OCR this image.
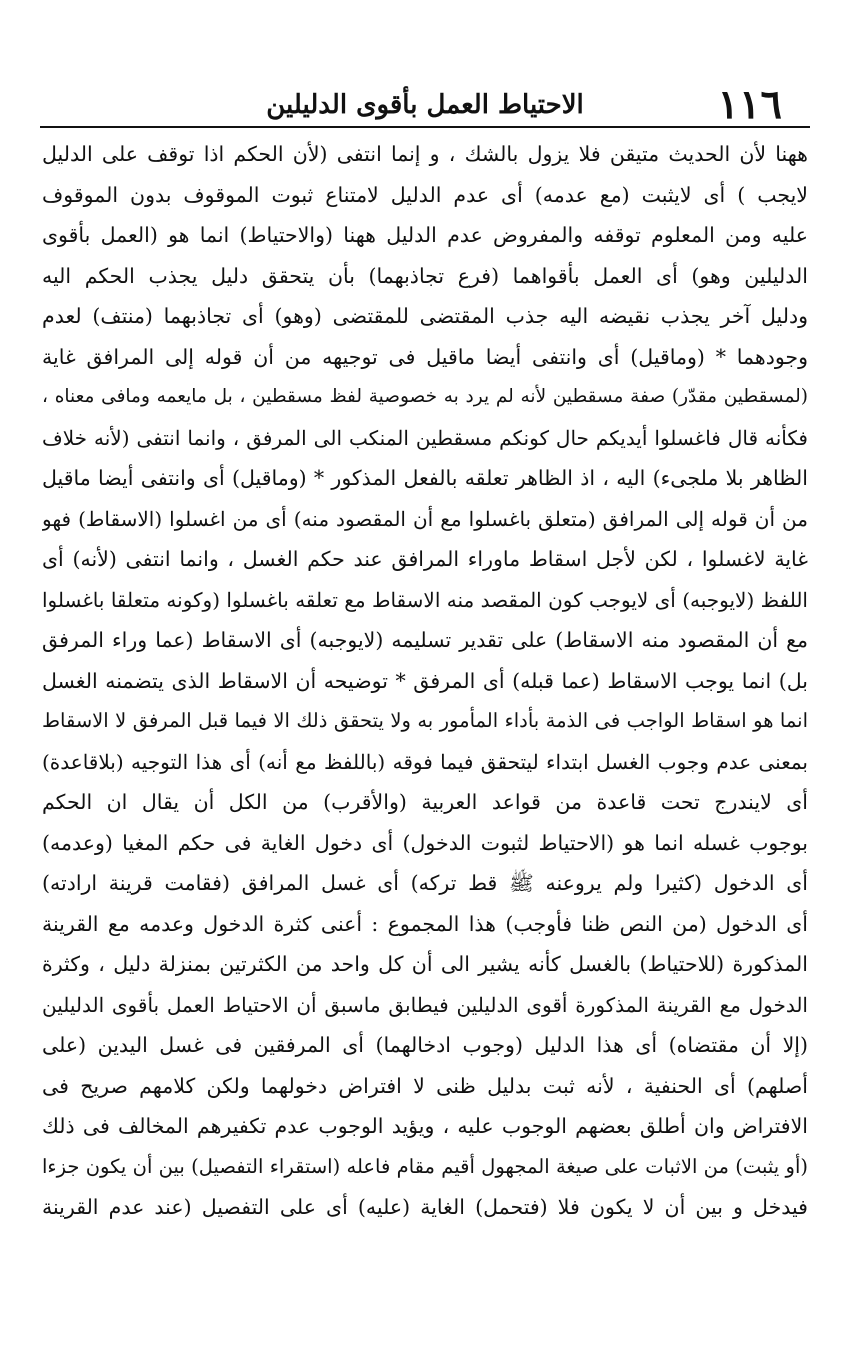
١١٦
الاحتياط العمل بأقوى الدليلين
ههنا لأن الحديث متيقن فلا يزول بالشك ، و إنما انتفى (لأن الحكم اذا توقف على الدليل
لايجب ) أى لايثبت (مع عدمه) أى عدم الدليل لامتناع ثبوت الموقوف بدون الموقوف
عليه ومن المعلوم توقفه والمفروض عدم الدليل ههنا (والاحتياط) انما هو (العمل بأقوى
الدليلين وهو) أى العمل بأقواهما (فرع تجاذبهما) بأن يتحقق دليل يجذب الحكم اليه
ودليل آخر يجذب نقيضه اليه جذب المقتضى للمقتضى (وهو) أى تجاذبهما (منتف) لعدم
وجودهما * (وماقيل) أى وانتفى أيضا ماقيل فى توجيهه من أن قوله إلى المرافق غاية
(لمسقطين مقدّر) صفة مسقطين لأنه لم يرد به خصوصية لفظ مسقطين ، بل مايعمه ومافى معناه ،
فكأنه قال فاغسلوا أيديكم حال كونكم مسقطين المنكب الى المرفق ، وانما انتفى (لأنه خلاف
الظاهر بلا ملجىء) اليه ، اذ الظاهر تعلقه بالفعل المذكور * (وماقيل) أى وانتفى أيضا ماقيل
من أن قوله إلى المرافق (متعلق باغسلوا مع أن المقصود منه) أى من اغسلوا (الاسقاط) فهو
غاية لاغسلوا ، لكن لأجل اسقاط ماوراء المرافق عند حكم الغسل ، وانما انتفى (لأنه) أى
اللفظ (لايوجبه) أى لايوجب كون المقصد منه الاسقاط مع تعلقه باغسلوا (وكونه متعلقا باغسلوا
مع أن المقصود منه الاسقاط) على تقدير تسليمه (لايوجبه) أى الاسقاط (عما وراء المرفق
بل) انما يوجب الاسقاط (عما قبله) أى المرفق * توضيحه أن الاسقاط الذى يتضمنه الغسل
انما هو اسقاط الواجب فى الذمة بأداء المأمور به ولا يتحقق ذلك الا فيما قبل المرفق لا الاسقاط
بمعنى عدم وجوب الغسل ابتداء ليتحقق فيما فوقه (باللفظ مع أنه) أى هذا التوجيه (بلاقاعدة)
أى لايندرج تحت قاعدة من قواعد العربية (والأقرب) من الكل أن يقال ان الحكم
بوجوب غسله انما هو (الاحتياط لثبوت الدخول) أى دخول الغاية فى حكم المغيا (وعدمه)
أى الدخول (كثيرا ولم يروعنه ﷺ قط تركه) أى غسل المرافق (فقامت قرينة ارادته)
أى الدخول (من النص ظنا فأوجب) هذا المجموع : أعنى كثرة الدخول وعدمه مع القرينة
المذكورة (للاحتياط) بالغسل كأنه يشير الى أن كل واحد من الكثرتين بمنزلة دليل ، وكثرة
الدخول مع القرينة المذكورة أقوى الدليلين فيطابق ماسبق أن الاحتياط العمل بأقوى الدليلين
(إلا أن مقتضاه) أى هذا الدليل (وجوب ادخالهما) أى المرفقين فى غسل اليدين (على
أصلهم) أى الحنفية ، لأنه ثبت بدليل ظنى لا افتراض دخولهما ولكن كلامهم صريح فى
الافتراض وان أطلق بعضهم الوجوب عليه ، ويؤيد الوجوب عدم تكفيرهم المخالف فى ذلك
(أو يثبت) من الاثبات على صيغة المجهول أقيم مقام فاعله (استقراء التفصيل) بين أن يكون جزءا
فيدخل و بين أن لا يكون فلا (فتحمل) الغاية (عليه) أى على التفصيل (عند عدم القرينة
